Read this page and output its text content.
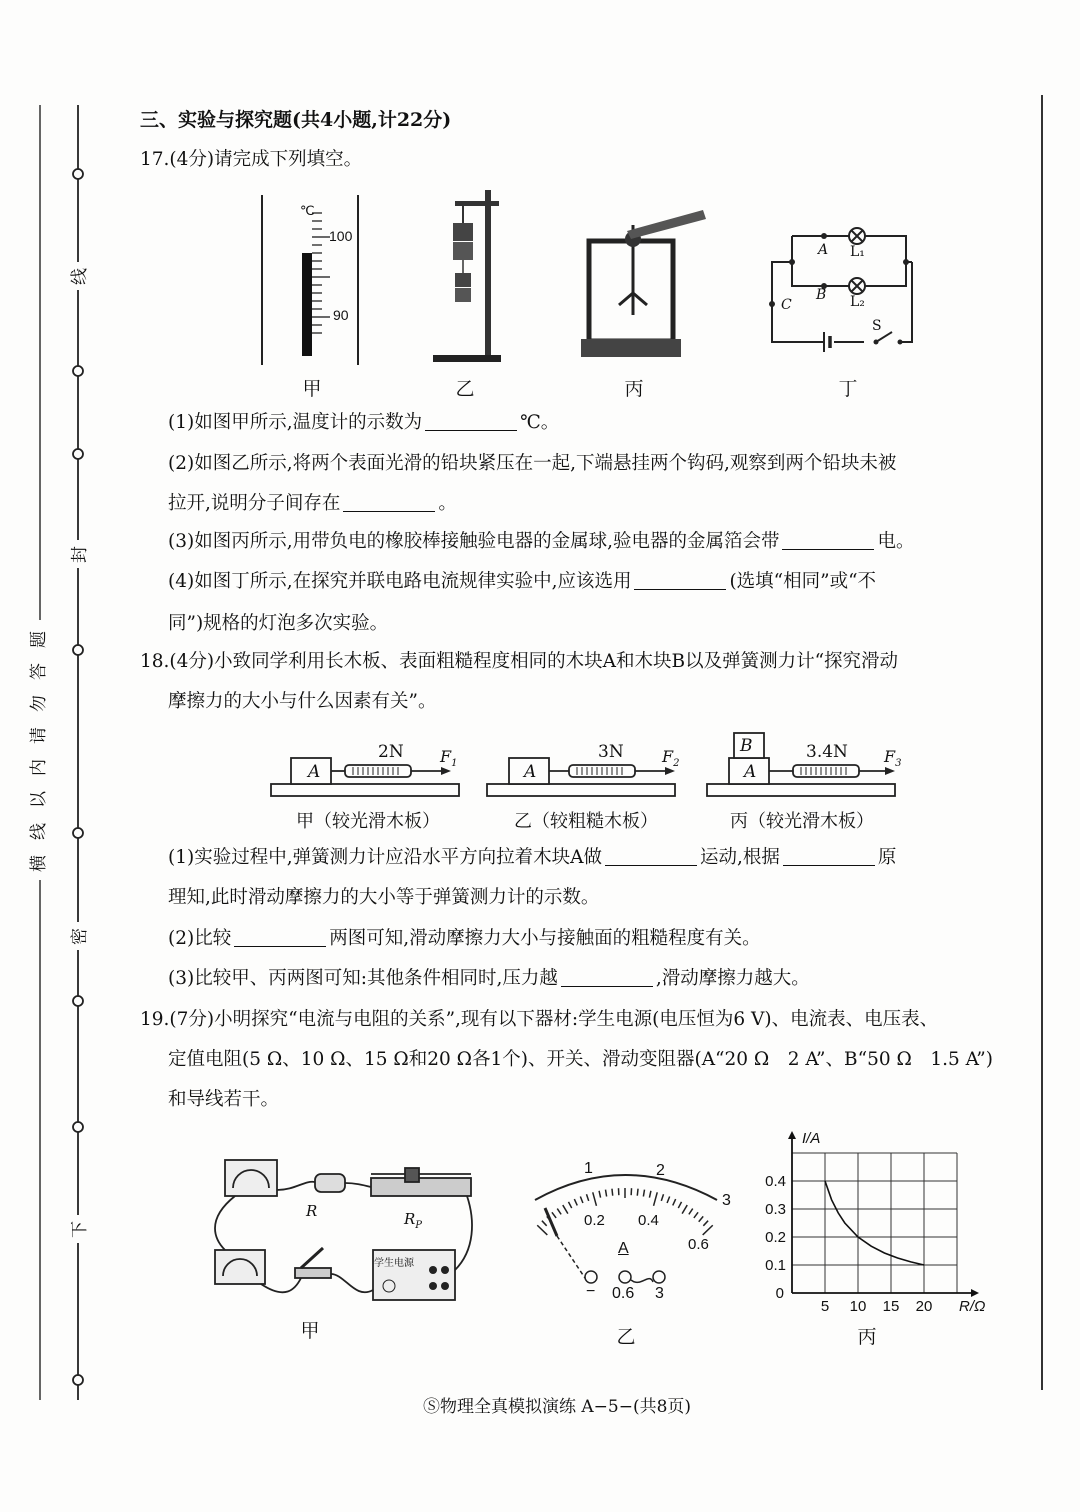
线
封
密
下
题
答
勿
请
内
以
线
横
三、实验与探究题(共4小题,计22分)
17.(4分)请完成下列填空。
℃
100
90
A
B
C
L₁
L₂
S
甲	乙	丙	丁
(1)如图甲所示,温度计的示数为	℃。
(2)如图乙所示,将两个表面光滑的铅块紧压在一起,下端悬挂两个钩码,观察到两个铅块未被
拉开,说明分子间存在	。
(3)如图丙所示,用带负电的橡胶棒接触验电器的金属球,验电器的金属箔会带	电。
(4)如图丁所示,在探究并联电路电流规律实验中,应该选用	(选填“相同”或“不
同”)规格的灯泡多次实验。
18.(4分)小致同学利用长木板、表面粗糙程度相同的木块A和木块B以及弹簧测力计“探究滑动
摩擦力的大小与什么因素有关”。
A	A	A
B
2N	3N	3.4N
$F_1$	$F_2$	$F_3$
甲（较光滑木板）	乙（较粗糙木板）	丙（较光滑木板）
(1)实验过程中,弹簧测力计应沿水平方向拉着木块A做	运动,根据	原
理知,此时滑动摩擦力的大小等于弹簧测力计的示数。
(2)比较	两图可知,滑动摩擦力大小与接触面的粗糙程度有关。
(3)比较甲、丙两图可知:其他条件相同时,压力越	,滑动摩擦力越大。
19.(7分)小明探究“电流与电阻的关系”,现有以下器材:学生电源(电压恒为6 V)、电流表、电压表、
定值电阻(5 Ω、10 Ω、15 Ω和20 Ω各1个)、开关、滑动变阻器(A“20 Ω　2 A”、B“50 Ω　1.5 A”)
和导线若干。
R	$R_P$
学生电源
1	2
3
0.2 0.4
0.6
A
− 0.6 3
5 10 15 20
0.1
0.2
0.3
0.4
0
I/A
R/Ω
甲	乙	丙
Ⓢ物理全真模拟演练 A−5−(共8页)
